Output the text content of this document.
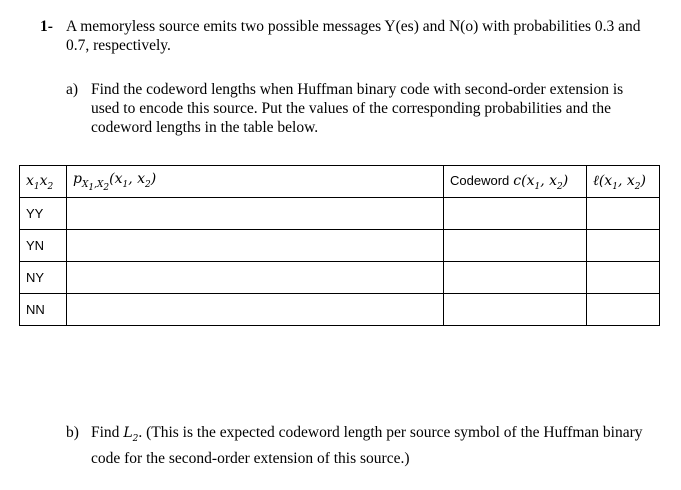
1- A memoryless source emits two possible messages Y(es) and N(o) with probabilities 0.3 and 0.7, respectively.
a) Find the codeword lengths when Huffman binary code with second-order extension is used to encode this source. Put the values of the corresponding probabilities and the codeword lengths in the table below.
$x_1x_2$	$p_{X_1,X_2}(x_1$, $x_2$)	Codeword $c(x_1$, $x_2$)	$\ell(x_1$, $x_2$)
YY			
YN			
NY			
NN			
b) Find $L_2$. (This is the expected codeword length per source symbol of the Huffman binary code for the second-order extension of this source.)
